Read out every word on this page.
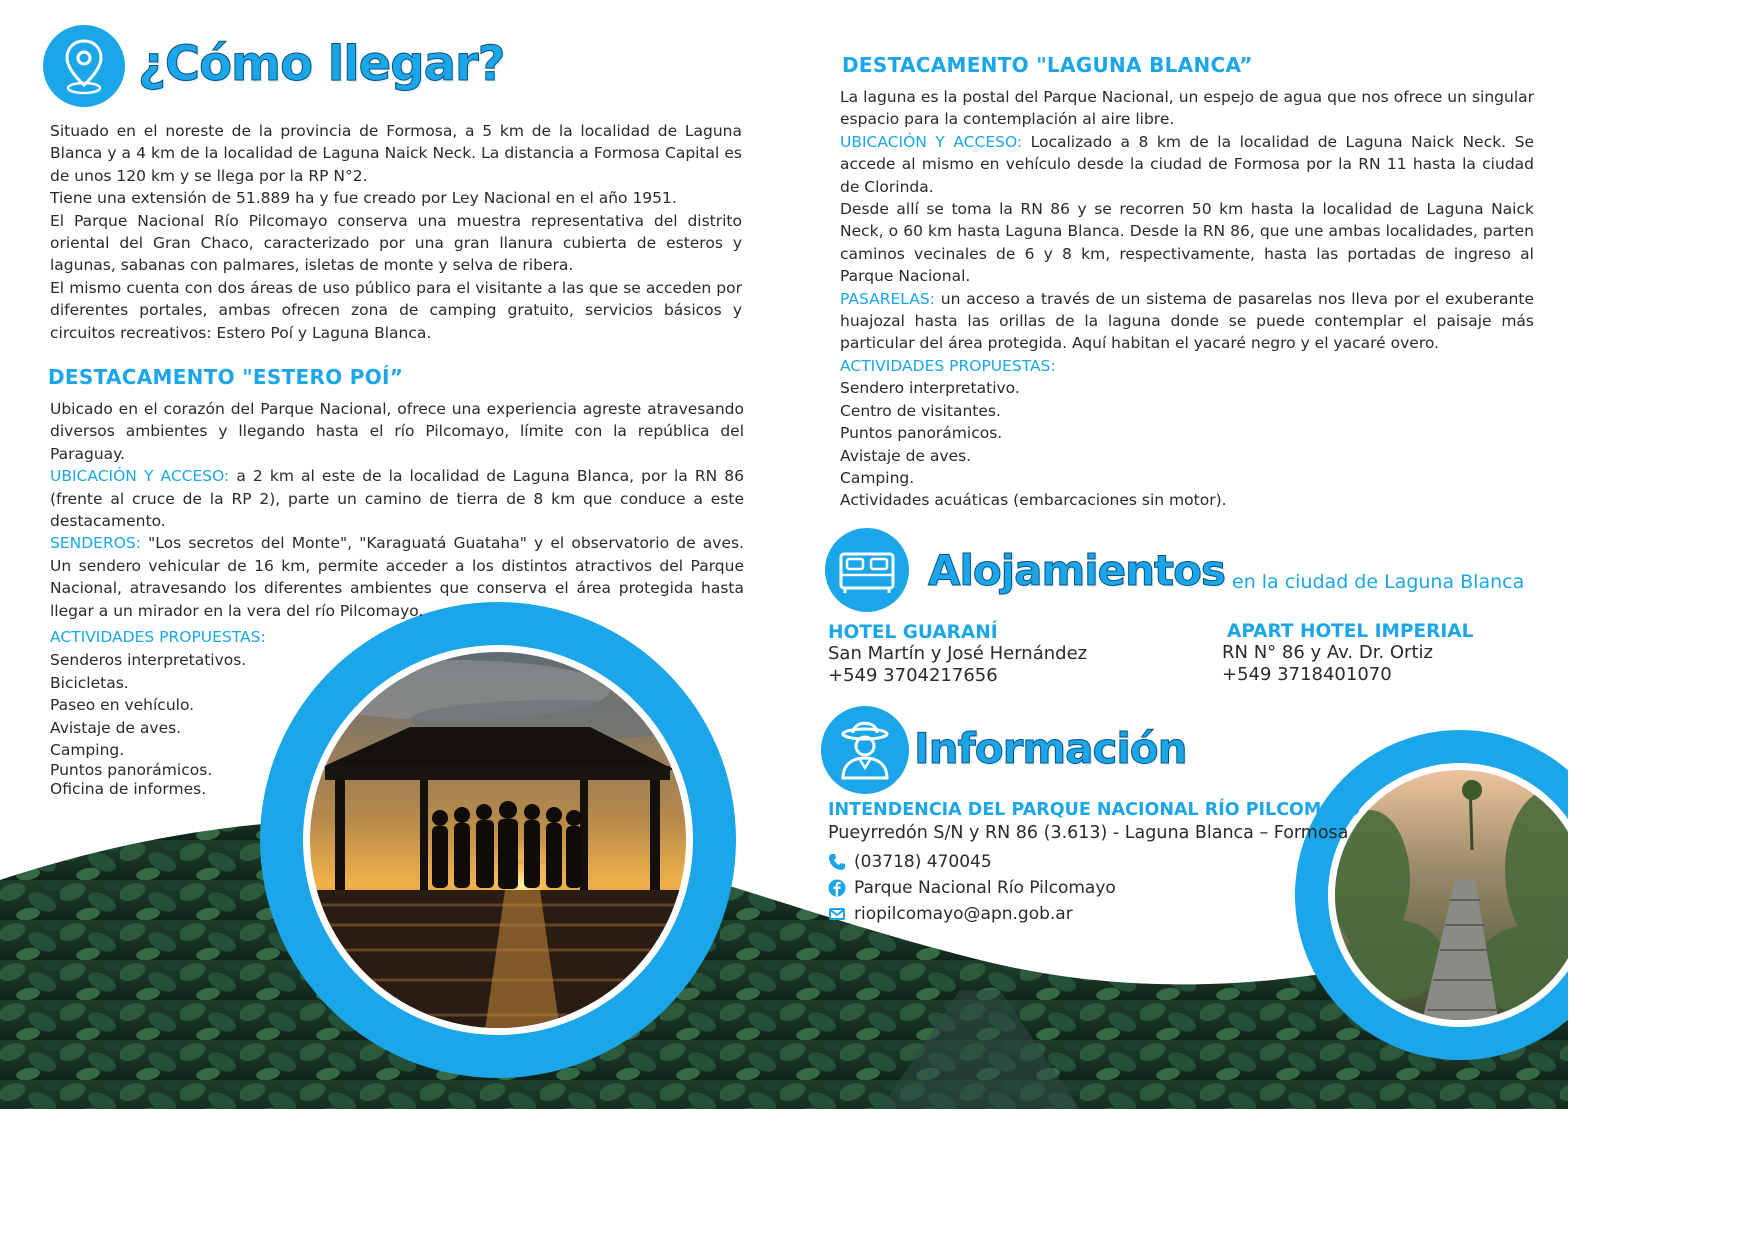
¿Cómo llegar?

Situado en el noreste de la provincia de Formosa, a 5 km de la localidad de Laguna Blanca y a 4 km de la localidad de Laguna Naick Neck. La distancia a Formosa Capital es de unos 120 km y se llega por la RP N°2.

Tiene una extensión de 51.889 ha y fue creado por Ley Nacional en el año 1951.

El Parque Nacional Río Pilcomayo conserva una muestra representativa del distrito oriental del Gran Chaco, caracterizado por una gran llanura cubierta de esteros y lagunas, sabanas con palmares, isletas de monte y selva de ribera.

El mismo cuenta con dos áreas de uso público para el visitante a las que se acceden por diferentes portales, ambas ofrecen zona de camping gratuito, servicios básicos y circuitos recreativos: Estero Poí y Laguna Blanca.

DESTACAMENTO "ESTERO POÍ”

Ubicado en el corazón del Parque Nacional, ofrece una experiencia agreste atravesando diversos ambientes y llegando hasta el río Pilcomayo, límite con la república del Paraguay.

UBICACIÓN Y ACCESO: a 2 km al este de la localidad de Laguna Blanca, por la RN 86 (frente al cruce de la RP 2), parte un camino de tierra de 8 km que conduce a este destacamento.

SENDEROS: "Los secretos del Monte", "Karaguatá Guataha" y el observatorio de aves. Un sendero vehicular de 16 km, permite acceder a los distintos atractivos del Parque Nacional, atravesando los diferentes ambientes que conserva el área protegida hasta llegar a un mirador en la vera del río Pilcomayo.

ACTIVIDADES PROPUESTAS:

Senderos interpretativos.
Bicicletas.
Paseo en vehículo.
Avistaje de aves.
Camping.
Puntos panorámicos.
Oficina de informes.
DESTACAMENTO "LAGUNA BLANCA”

La laguna es la postal del Parque Nacional, un espejo de agua que nos ofrece un singular espacio para la contemplación al aire libre.

UBICACIÓN Y ACCESO: Localizado a 8 km de la localidad de Laguna Naick Neck. Se accede al mismo en vehículo desde la ciudad de Formosa por la RN 11 hasta la ciudad de Clorinda.

Desde allí se toma la RN 86 y se recorren 50 km hasta la localidad de Laguna Naick Neck, o 60 km hasta Laguna Blanca. Desde la RN 86, que une ambas localidades, parten caminos vecinales de 6 y 8 km, respectivamente, hasta las portadas de ingreso al Parque Nacional.

PASARELAS: un acceso a través de un sistema de pasarelas nos lleva por el exuberante huajozal hasta las orillas de la laguna donde se puede contemplar el paisaje más particular del área protegida. Aquí habitan el yacaré negro y el yacaré overo.

ACTIVIDADES PROPUESTAS:

Sendero interpretativo.
Centro de visitantes.
Puntos panorámicos.
Avistaje de aves.
Camping.
Actividades acuáticas (embarcaciones sin motor).
Alojamientos en la ciudad de Laguna Blanca

HOTEL GUARANÍ

San Martín y José Hernández

+549 3704217656

APART HOTEL IMPERIAL

RN N° 86 y Av. Dr. Ortiz

+549 3718401070

Información

INTENDENCIA DEL PARQUE NACIONAL RÍO PILCOMAYO

Pueyrredón S/N y RN 86 (3.613) - Laguna Blanca – Formosa

(03718) 470045
Parque Nacional Río Pilcomayo
riopilcomayo@apn.gob.ar
